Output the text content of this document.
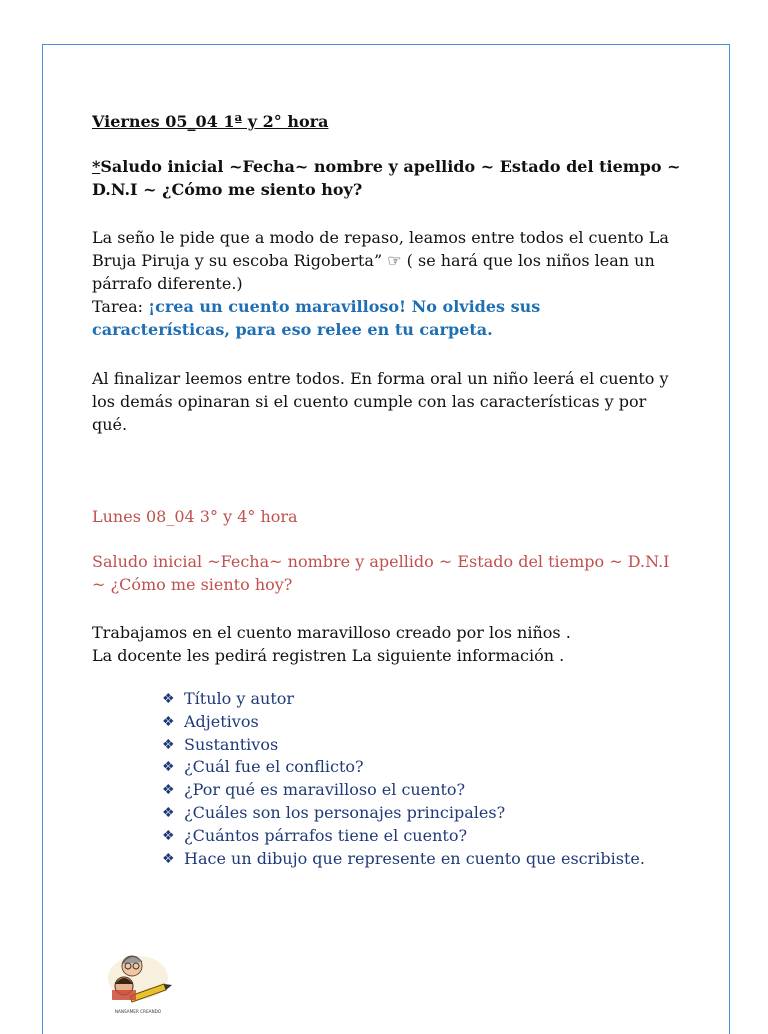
Viernes 05_04 1ª y 2° hora
*Saludo inicial ~Fecha~ nombre y apellido ~ Estado del tiempo ~ D.N.I ~ ¿Cómo me siento hoy?
La seño le pide que a modo de repaso, leamos entre todos el cuento La Bruja Piruja y su escoba Rigoberta” ☞ ( se hará que los niños lean un párrafo diferente.)
Tarea: ¡crea un cuento maravilloso! No olvides sus características, para eso relee en tu carpeta.
Al finalizar leemos entre todos. En forma oral un niño leerá el cuento y los demás opinaran si el cuento cumple con las características y por qué.
Lunes 08_04 3° y 4° hora
Saludo inicial ~Fecha~ nombre y apellido ~ Estado del tiempo ~ D.N.I ~ ¿Cómo me siento hoy?
Trabajamos en el cuento maravilloso creado por los niños .
La docente les pedirá registren La siguiente información .
❖ Título y autor
❖ Adjetivos
❖ Sustantivos
❖ ¿Cuál fue el conflicto?
❖ ¿Por qué es maravilloso el cuento?
❖ ¿Cuáles son los personajes principales?
❖ ¿Cuántos párrafos tiene el cuento?
❖ Hace un dibujo que represente en cuento que escribiste.
NANSAMER CREANDO
